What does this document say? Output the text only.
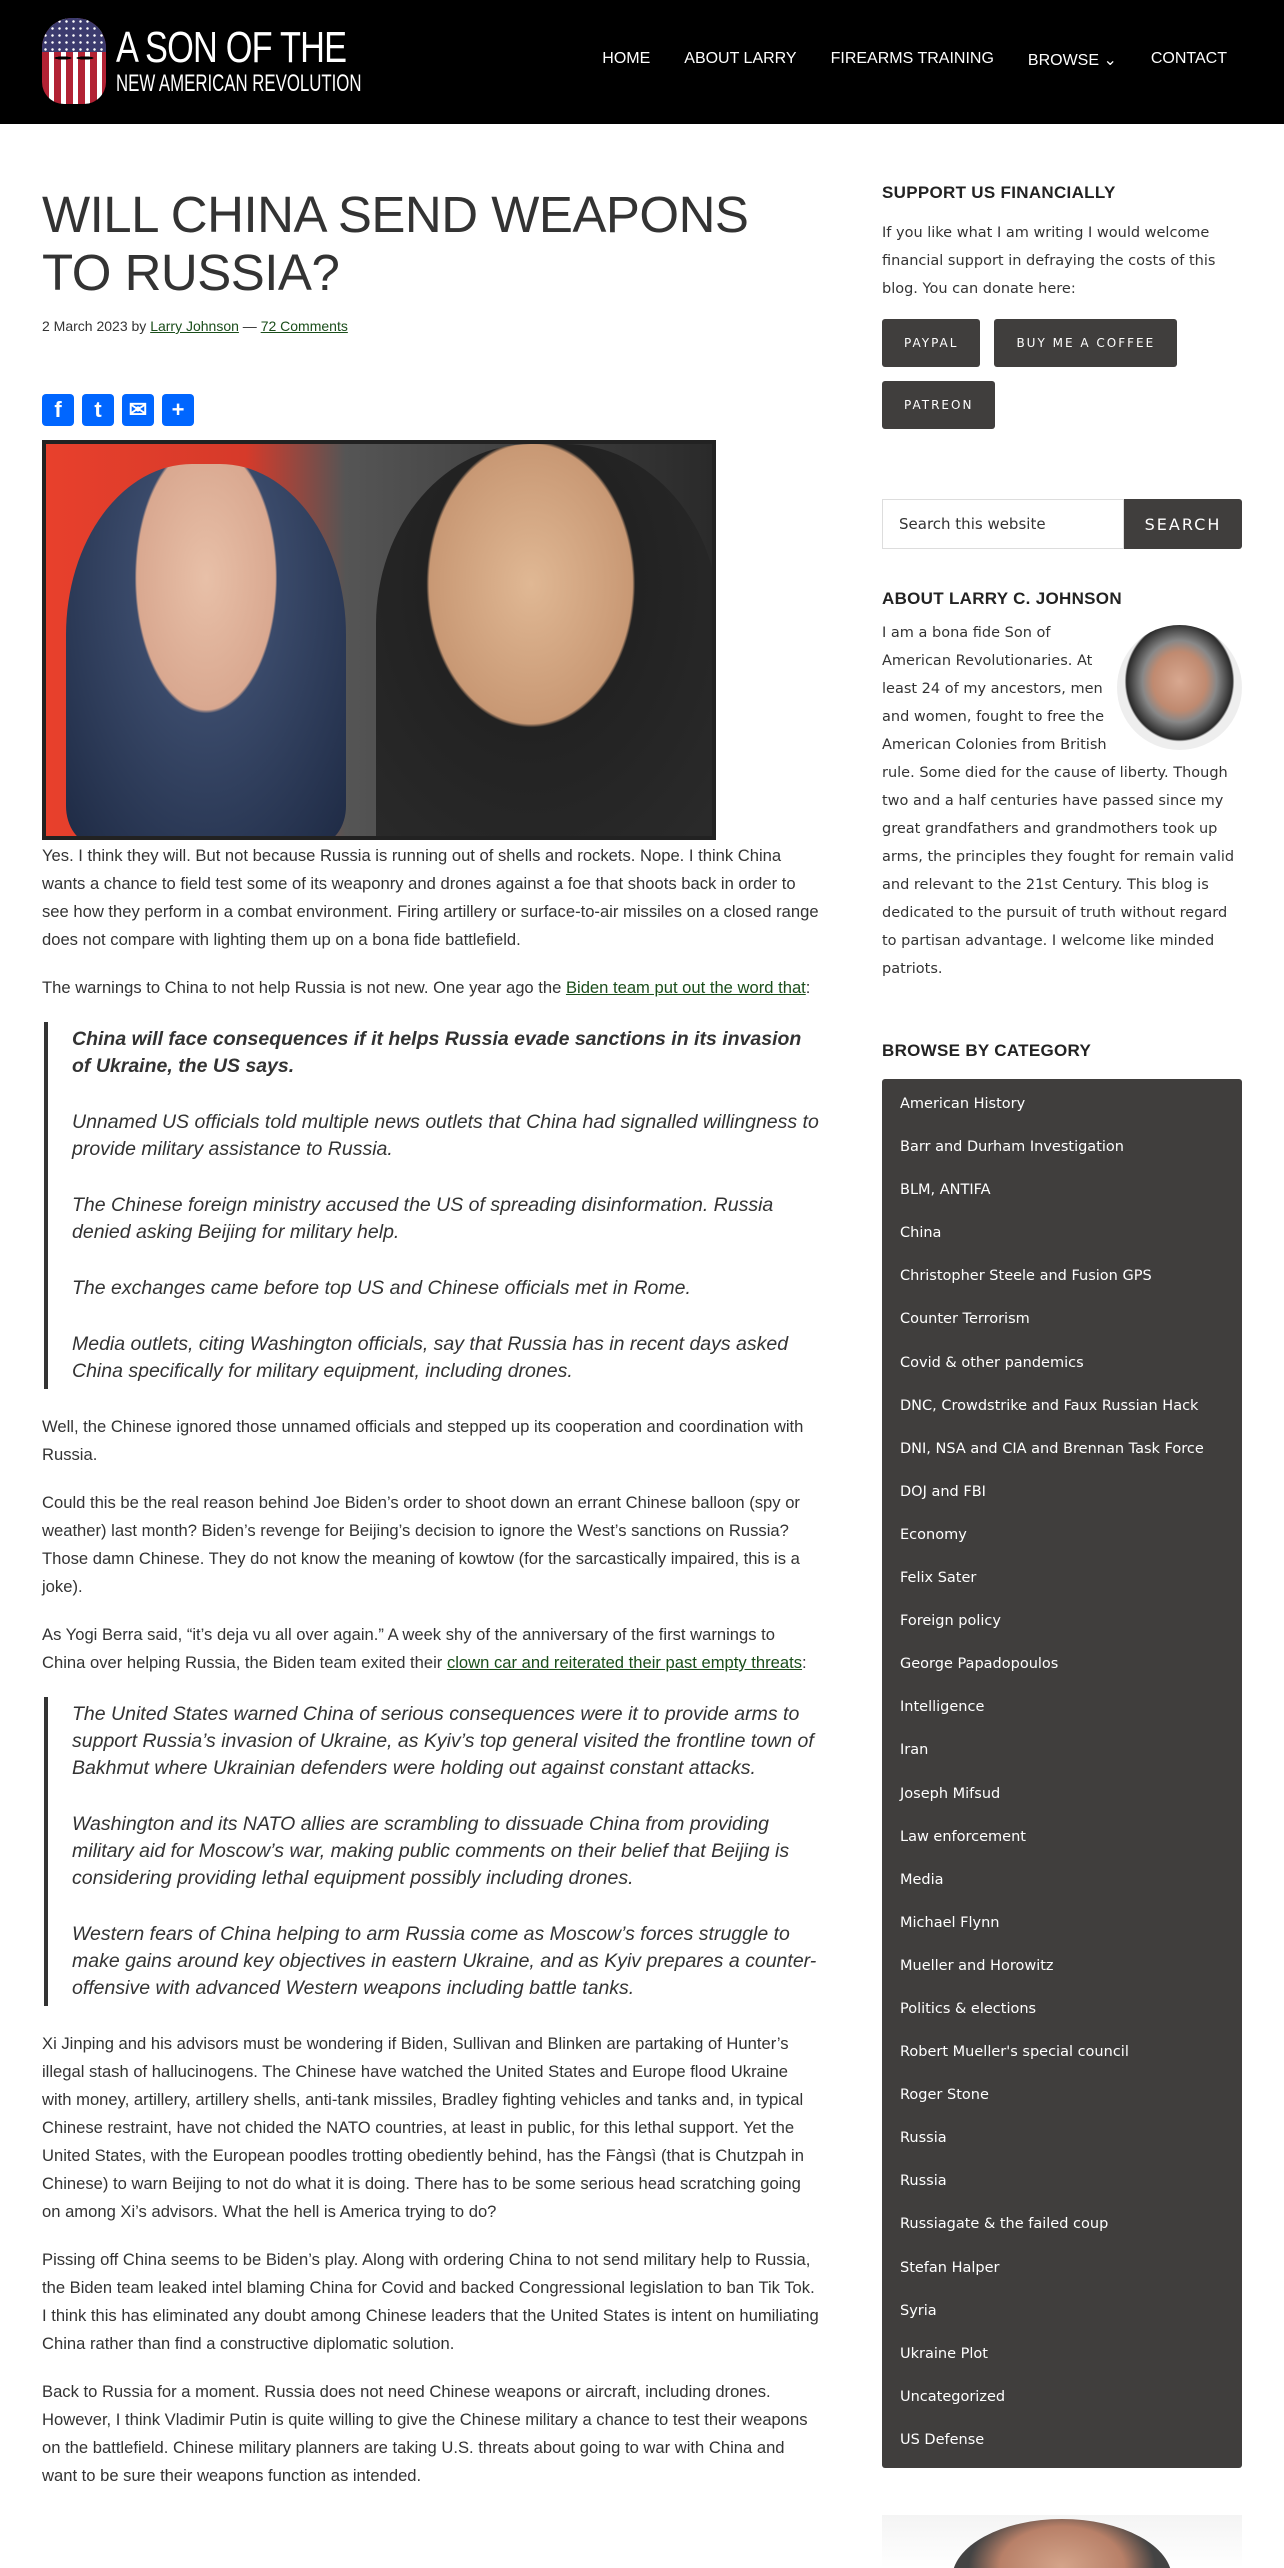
A SON OF THE
NEW AMERICAN REVOLUTION
HOME ABOUT LARRY FIREARMS TRAINING BROWSE ⌄ CONTACT
WILL CHINA SEND WEAPONS TO RUSSIA?
2 March 2023 by Larry Johnson — 72 Comments
f	t	✉	+

Yes. I think they will. But not because Russia is running out of shells and rockets. Nope. I think China wants a chance to field test some of its weaponry and drones against a foe that shoots back in order to see how they perform in a combat environment. Firing artillery or surface-to-air missiles on a closed range does not compare with lighting them up on a bona fide battlefield.

The warnings to China to not help Russia is not new. One year ago the Biden team put out the word that:

China will face consequences if it helps Russia evade sanctions in its invasion of Ukraine, the US says.

Unnamed US officials told multiple news outlets that China had signalled willingness to provide military assistance to Russia.

The Chinese foreign ministry accused the US of spreading disinformation. Russia denied asking Beijing for military help.

The exchanges came before top US and Chinese officials met in Rome.

Media outlets, citing Washington officials, say that Russia has in recent days asked China specifically for military equipment, including drones.

Well, the Chinese ignored those unnamed officials and stepped up its cooperation and coordination with Russia.

Could this be the real reason behind Joe Biden’s order to shoot down an errant Chinese balloon (spy or weather) last month? Biden’s revenge for Beijing’s decision to ignore the West’s sanctions on Russia? Those damn Chinese. They do not know the meaning of kowtow (for the sarcastically impaired, this is a joke).

As Yogi Berra said, “it’s deja vu all over again.” A week shy of the anniversary of the first warnings to China over helping Russia, the Biden team exited their clown car and reiterated their past empty threats:

The United States warned China of serious consequences were it to provide arms to support Russia’s invasion of Ukraine, as Kyiv’s top general visited the frontline town of Bakhmut where Ukrainian defenders were holding out against constant attacks.

Washington and its NATO allies are scrambling to dissuade China from providing military aid for Moscow’s war, making public comments on their belief that Beijing is considering providing lethal equipment possibly including drones.

Western fears of China helping to arm Russia come as Moscow’s forces struggle to make gains around key objectives in eastern Ukraine, and as Kyiv prepares a counter-offensive with advanced Western weapons including battle tanks.

Xi Jinping and his advisors must be wondering if Biden, Sullivan and Blinken are partaking of Hunter’s illegal stash of hallucinogens. The Chinese have watched the United States and Europe flood Ukraine with money, artillery, artillery shells, anti-tank missiles, Bradley fighting vehicles and tanks and, in typical Chinese restraint, have not chided the NATO countries, at least in public, for this lethal support. Yet the United States, with the European poodles trotting obediently behind, has the Fàngsì (that is Chutzpah in Chinese) to warn Beijing to not do what it is doing. There has to be some serious head scratching going on among Xi’s advisors. What the hell is America trying to do?

Pissing off China seems to be Biden’s play. Along with ordering China to not send military help to Russia, the Biden team leaked intel blaming China for Covid and backed Congressional legislation to ban Tik Tok. I think this has eliminated any doubt among Chinese leaders that the United States is intent on humiliating China rather than find a constructive diplomatic solution.

Back to Russia for a moment. Russia does not need Chinese weapons or aircraft, including drones. However, I think Vladimir Putin is quite willing to give the Chinese military a chance to test their weapons on the battlefield. Chinese military planners are taking U.S. threats about going to war with China and want to be sure their weapons function as intended.

SUPPORT US FINANCIALLY

If you like what I am writing I would welcome financial support in defraying the costs of this blog. You can donate here:

PAYPAL	BUY ME A COFFEE
PATREON
Search this website	SEARCH
ABOUT LARRY C. JOHNSON

I am a bona fide Son of American Revolutionaries. At least 24 of my ancestors, men and women, fought to free the American Colonies from British rule. Some died for the cause of liberty. Though two and a half centuries have passed since my great grandfathers and grandmothers took up arms, the principles they fought for remain valid and relevant to the 21st Century. This blog is dedicated to the pursuit of truth without regard to partisan advantage. I welcome like minded patriots.

BROWSE BY CATEGORY
American History
Barr and Durham Investigation
BLM, ANTIFA
China
Christopher Steele and Fusion GPS
Counter Terrorism
Covid & other pandemics
DNC, Crowdstrike and Faux Russian Hack
DNI, NSA and CIA and Brennan Task Force
DOJ and FBI
Economy
Felix Sater
Foreign policy
George Papadopoulos
Intelligence
Iran
Joseph Mifsud
Law enforcement
Media
Michael Flynn
Mueller and Horowitz
Politics & elections
Robert Mueller's special council
Roger Stone
Russia
Russia
Russiagate & the failed coup
Stefan Halper
Syria
Ukraine Plot
Uncategorized
US Defense
